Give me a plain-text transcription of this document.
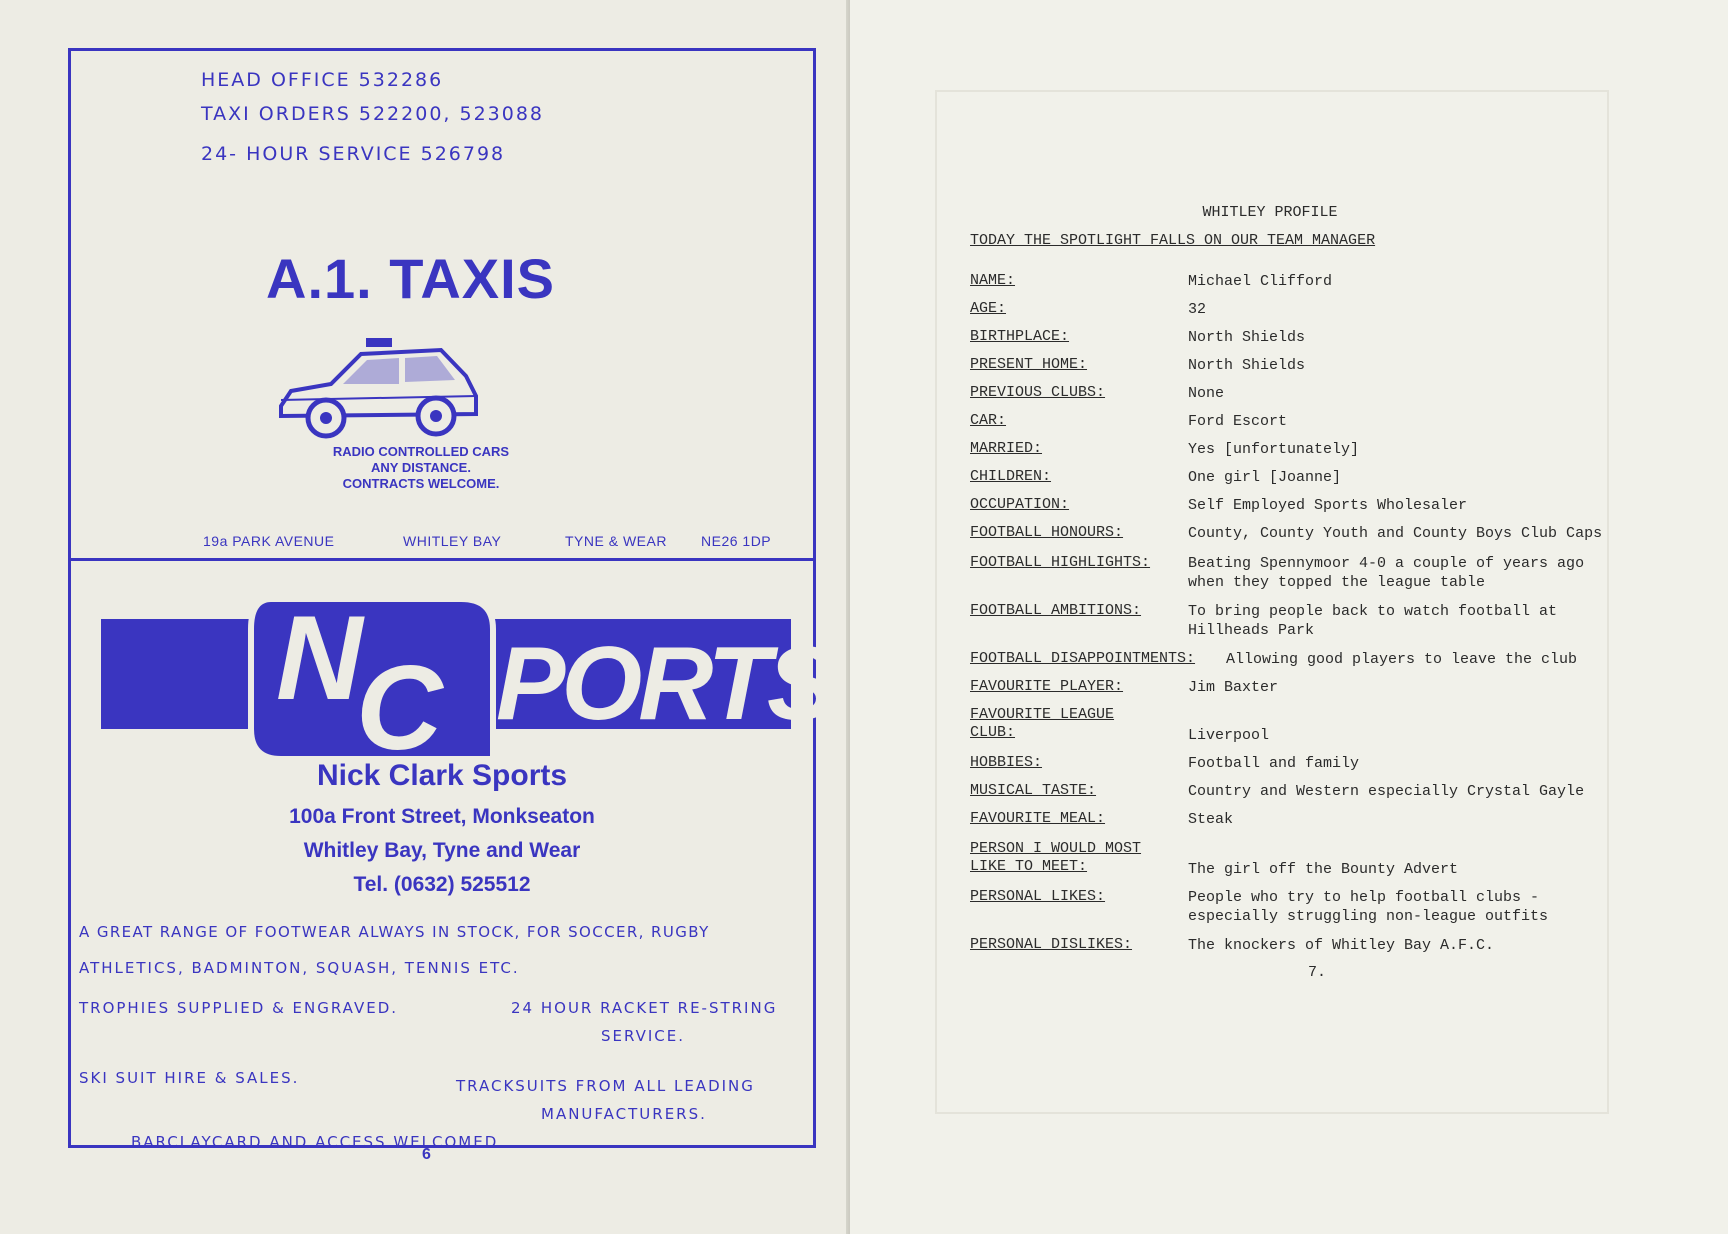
HEAD OFFICE 532286
TAXI ORDERS 522200, 523088
24- HOUR SERVICE 526798
A.1. TAXIS
RADIO CONTROLLED CARS
ANY DISTANCE.
CONTRACTS WELCOME.
19a PARK AVENUE	WHITLEY BAY	TYNE & WEAR NE26 1DP
N
C PORTS
Nick Clark Sports
100a Front Street, Monkseaton
Whitley Bay, Tyne and Wear
Tel. (0632) 525512
A GREAT RANGE OF FOOTWEAR ALWAYS IN STOCK, FOR SOCCER, RUGBY
ATHLETICS, BADMINTON, SQUASH, TENNIS ETC.
TROPHIES SUPPLIED & ENGRAVED.	24 HOUR RACKET RE-STRING
SERVICE.
SKI SUIT HIRE & SALES.	TRACKSUITS FROM ALL LEADING
MANUFACTURERS.
BARCLAYCARD AND ACCESS WELCOMED.
6
WHITLEY PROFILE
TODAY THE SPOTLIGHT FALLS ON OUR TEAM MANAGER
NAME:	Michael Clifford
AGE:	32
BIRTHPLACE:	North Shields
PRESENT HOME:	North Shields
PREVIOUS CLUBS:	None
CAR:	Ford Escort
MARRIED:	Yes [unfortunately]
CHILDREN:	One girl [Joanne]
OCCUPATION:	Self Employed Sports Wholesaler
FOOTBALL HONOURS:	County, County Youth and County Boys Club Caps
FOOTBALL HIGHLIGHTS:	Beating Spennymoor 4-0 a couple of years ago when they topped the league table
FOOTBALL AMBITIONS:	To bring people back to watch football at Hillheads Park
FOOTBALL DISAPPOINTMENTS: Allowing good players to leave the club
FAVOURITE PLAYER:	Jim Baxter
FAVOURITE LEAGUE CLUB:	Liverpool
HOBBIES:	Football and family
MUSICAL TASTE:	Country and Western especially Crystal Gayle
FAVOURITE MEAL:	Steak
PERSON I WOULD MOST LIKE TO MEET:	The girl off the Bounty Advert
PERSONAL LIKES:	People who try to help football clubs - especially struggling non-league outfits
PERSONAL DISLIKES:	The knockers of Whitley Bay A.F.C.
7.
